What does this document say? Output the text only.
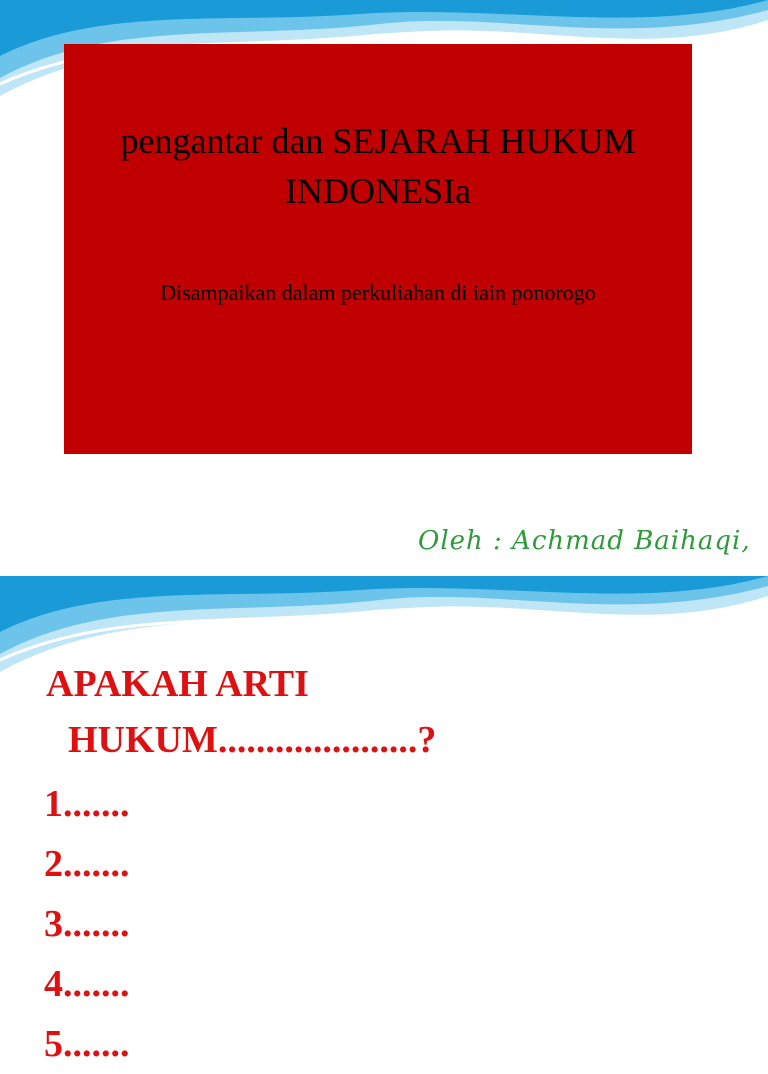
pengantar dan SEJARAH HUKUM
INDONESIa
Disampaikan dalam perkuliahan di iain ponorogo
Oleh : Achmad Baihaqi,
APAKAH ARTI
HUKUM.....................?
1.......
2.......
3.......
4.......
5.......
